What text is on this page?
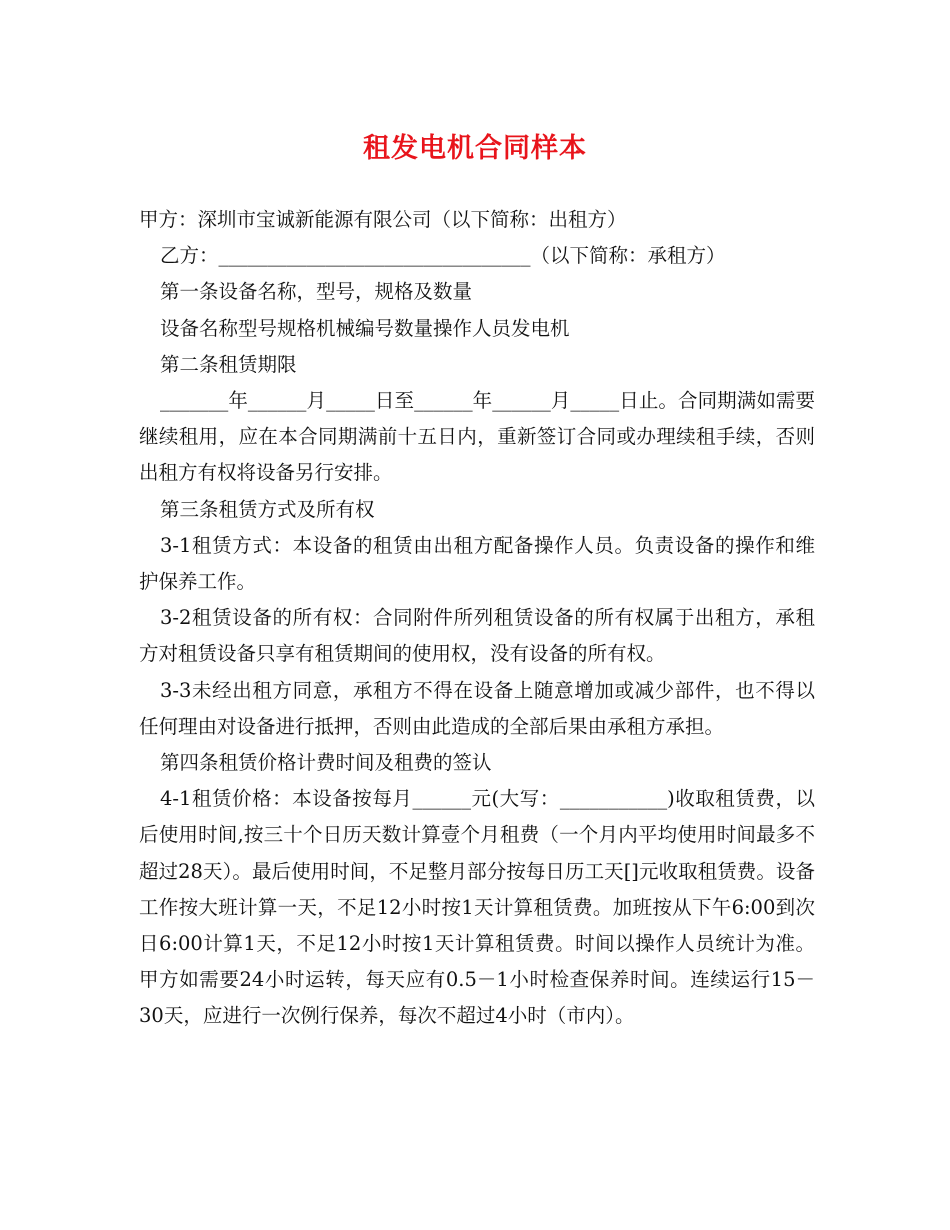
租发电机合同样本

甲方：深圳市宝诚新能源有限公司（以下简称：出租方）

乙方：________________________________（以下简称：承租方）

第一条设备名称，型号，规格及数量

设备名称型号规格机械编号数量操作人员发电机

第二条租赁期限

_______年______月_____日至______年______月_____日止。合同期满如需要继续租用，应在本合同期满前十五日内，重新签订合同或办理续租手续，否则出租方有权将设备另行安排。

第三条租赁方式及所有权

3-1租赁方式：本设备的租赁由出租方配备操作人员。负责设备的操作和维护保养工作。

3-2租赁设备的所有权：合同附件所列租赁设备的所有权属于出租方，承租方对租赁设备只享有租赁期间的使用权，没有设备的所有权。

3-3未经出租方同意，承租方不得在设备上随意增加或减少部件，也不得以任何理由对设备进行抵押，否则由此造成的全部后果由承租方承担。

第四条租赁价格计费时间及租费的签认

4-1租赁价格：本设备按每月______元(大写：___________)收取租赁费，以后使用时间,按三十个日历天数计算壹个月租费（一个月内平均使用时间最多不超过28天）。最后使用时间，不足整月部分按每日历工天[]元收取租赁费。设备工作按大班计算一天，不足12小时按1天计算租赁费。加班按从下午6:00到次日6:00计算1天，不足12小时按1天计算租赁费。时间以操作人员统计为准。甲方如需要24小时运转，每天应有0.5－1小时检查保养时间。连续运行15－30天，应进行一次例行保养，每次不超过4小时（市内）。
